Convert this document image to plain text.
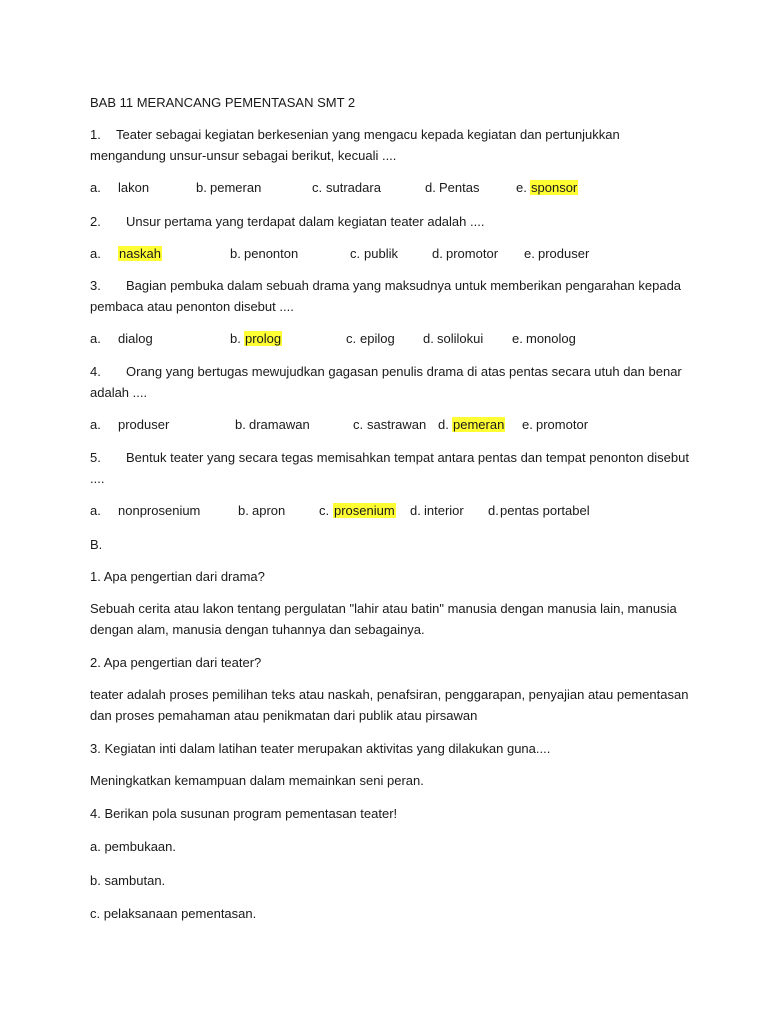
BAB 11 MERANCANG PEMENTASAN SMT 2

1. Teater sebagai kegiatan berkesenian yang mengacu kepada kegiatan dan pertunjukkan mengandung unsur-unsur sebagai berikut, kecuali ....
a. lakon	b. pemeran	c. sutradara	d. Pentas	e. sponsor
2. Unsur pertama yang terdapat dalam kegiatan teater adalah ....
a. naskah	b. penonton	c. publik	d. promotor e. produser
3. Bagian pembuka dalam sebuah drama yang maksudnya untuk memberikan pengarahan kepada pembaca atau penonton disebut ....
a. dialog	b. prolog	c. epilog d. solilokui e. monolog
4. Orang yang bertugas mewujudkan gagasan penulis drama di atas pentas secara utuh dan benar adalah ....
a. produser	b. dramawan	c. sastrawan d. pemeran e. promotor
5. Bentuk teater yang secara tegas memisahkan tempat antara pentas dan tempat penonton disebut ....
a. nonprosenium	b. apron	c. prosenium d. interior d. pentas portabel

B.

1. Apa pengertian dari drama?

Sebuah cerita atau lakon tentang pergulatan "lahir atau batin" manusia dengan manusia lain, manusia dengan alam, manusia dengan tuhannya dan sebagainya.

2. Apa pengertian dari teater?

teater adalah proses pemilihan teks atau naskah, penafsiran, penggarapan, penyajian atau pementasan dan proses pemahaman atau penikmatan dari publik atau pirsawan

3. Kegiatan inti dalam latihan teater merupakan aktivitas yang dilakukan guna....

Meningkatkan kemampuan dalam memainkan seni peran.

4. Berikan pola susunan program pementasan teater!

a. pembukaan.

b. sambutan.

c. pelaksanaan pementasan.
